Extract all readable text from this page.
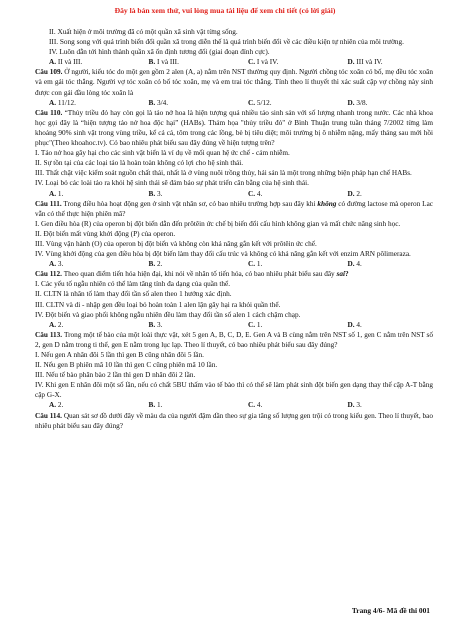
Đây là bản xem thử, vui lòng mua tài liệu để xem chi tiết (có lời giải)

II. Xuất hiện ở môi trường đã có một quần xã sinh vật từng sống.

III. Song song với quá trình biến đổi quần xã trong diễn thế là quá trình biến đổi về các điều kiện tự nhiên của môi trường.

IV. Luôn dẫn tới hình thành quần xã ổn định tương đối (giai đoạn đỉnh cực).

A. II và III.	B. I và III.	C. I và IV.	D. III và IV.

Câu 109. Ở người, kiểu tóc do một gen gồm 2 alen (A, a) nằm trên NST thường quy định. Người chồng tóc xoăn có bố, mẹ đều tóc xoăn và em gái tóc thẳng. Người vợ tóc xoăn có bố tóc xoăn, mẹ và em trai tóc thẳng. Tính theo lí thuyết thì xác suất cặp vợ chồng này sinh được con gái đầu lòng tóc xoăn là

A. 11/12.	B. 3/4.	C. 5/12.	D. 3/8.

Câu 110. “Thủy triều đỏ hay còn gọi là tảo nở hoa là hiện tượng quá nhiều tảo sinh sản với số lượng nhanh trong nước. Các nhà khoa học gọi đây là “hiện tượng tảo nở hoa độc hại” (HABs). Thảm họa "thủy triều đỏ" ở Bình Thuận trung tuần tháng 7/2002 từng làm khoảng 90% sinh vật trong vùng triều, kể cả cá, tôm trong các lồng, bè bị tiêu diệt; môi trường bị ô nhiễm nặng, mấy tháng sau mới hồi phục"(Theo khoahoc.tv). Có bao nhiêu phát biểu sau đây đúng về hiện tượng trên?

I. Tảo nở hoa gây hại cho các sinh vật biển là ví dụ về mối quan hệ ức chế - cảm nhiễm.

II. Sự tồn tại của các loại tảo là hoàn toàn không có lợi cho hệ sinh thái.

III. Thất chặt việc kiểm soát nguồn chất thải, nhất là ở vùng nuôi trồng thủy, hải sản là một trong những biện pháp hạn chế HABs.

IV. Loại bỏ các loài tảo ra khỏi hệ sinh thái sẽ đảm bảo sự phát triển cân bằng của hệ sinh thái.

A. 1.	B. 3.	C. 4.	D. 2.

Câu 111. Trong điều hòa hoạt động gen ở sinh vật nhân sơ, có bao nhiêu trường hợp sau đây khi không có đường lactose mà operon Lac vẫn có thể thực hiện phiên mã?

I. Gen điều hòa (R) của operon bị đột biến dẫn đến prôtêin ức chế bị biến đổi cấu hình không gian và mất chức năng sinh học.

II. Đột biến mất vùng khởi động (P) của operon.

III. Vùng vận hành (O) của operon bị đột biến và không còn khả năng gắn kết với prôtêin ức chế.

IV. Vùng khởi động của gen điều hòa bị đột biến làm thay đổi cấu trúc và không có khả năng gắn kết với enzim ARN pôlimeraza.

A. 3.	B. 2.	C. 1.	D. 4.

Câu 112. Theo quan điểm tiến hóa hiện đại, khi nói về nhân tố tiến hóa, có bao nhiêu phát biểu sau đây sai?

I. Các yếu tố ngẫu nhiên có thể làm tăng tính đa dạng của quần thể.

II. CLTN là nhân tố làm thay đổi tần số alen theo 1 hướng xác định.

III. CLTN và di - nhập gen đều loại bỏ hoàn toàn 1 alen lặn gây hại ra khỏi quần thể.

IV. Đột biến và giao phối không ngẫu nhiên đều làm thay đổi tần số alen 1 cách chậm chạp.

A. 2.	B. 3.	C. 1.	D. 4.

Câu 113. Trong một tế bào của một loài thực vật, xét 5 gen A, B, C, D, E. Gen A và B cùng nằm trên NST số 1, gen C nằm trên NST số 2, gen D nằm trong ti thể, gen E nằm trong lục lạp. Theo lí thuyết, có bao nhiêu phát biểu sau đây đúng?

I. Nếu gen A nhân đôi 5 lần thì gen B cũng nhân đôi 5 lần.

II. Nếu gen B phiên mã 10 lần thì gen C cũng phiên mã 10 lần.

III. Nếu tế bào phân bào 2 lần thì gen D nhân đôi 2 lần.

IV. Khi gen E nhân đôi một số lần, nếu có chất 5BU thấm vào tế bào thì có thể sẽ làm phát sinh đột biến gen dạng thay thế cặp A-T bằng cặp G-X.

A. 2.	B. 1.	C. 4.	D. 3.

Câu 114. Quan sát sơ đồ dưới đây về màu da của người đậm dần theo sự gia tăng số lượng gen trội có trong kiểu gen. Theo lí thuyết, bao nhiêu phát biểu sau đây đúng?

Trang 4/6- Mã đề thi 001
